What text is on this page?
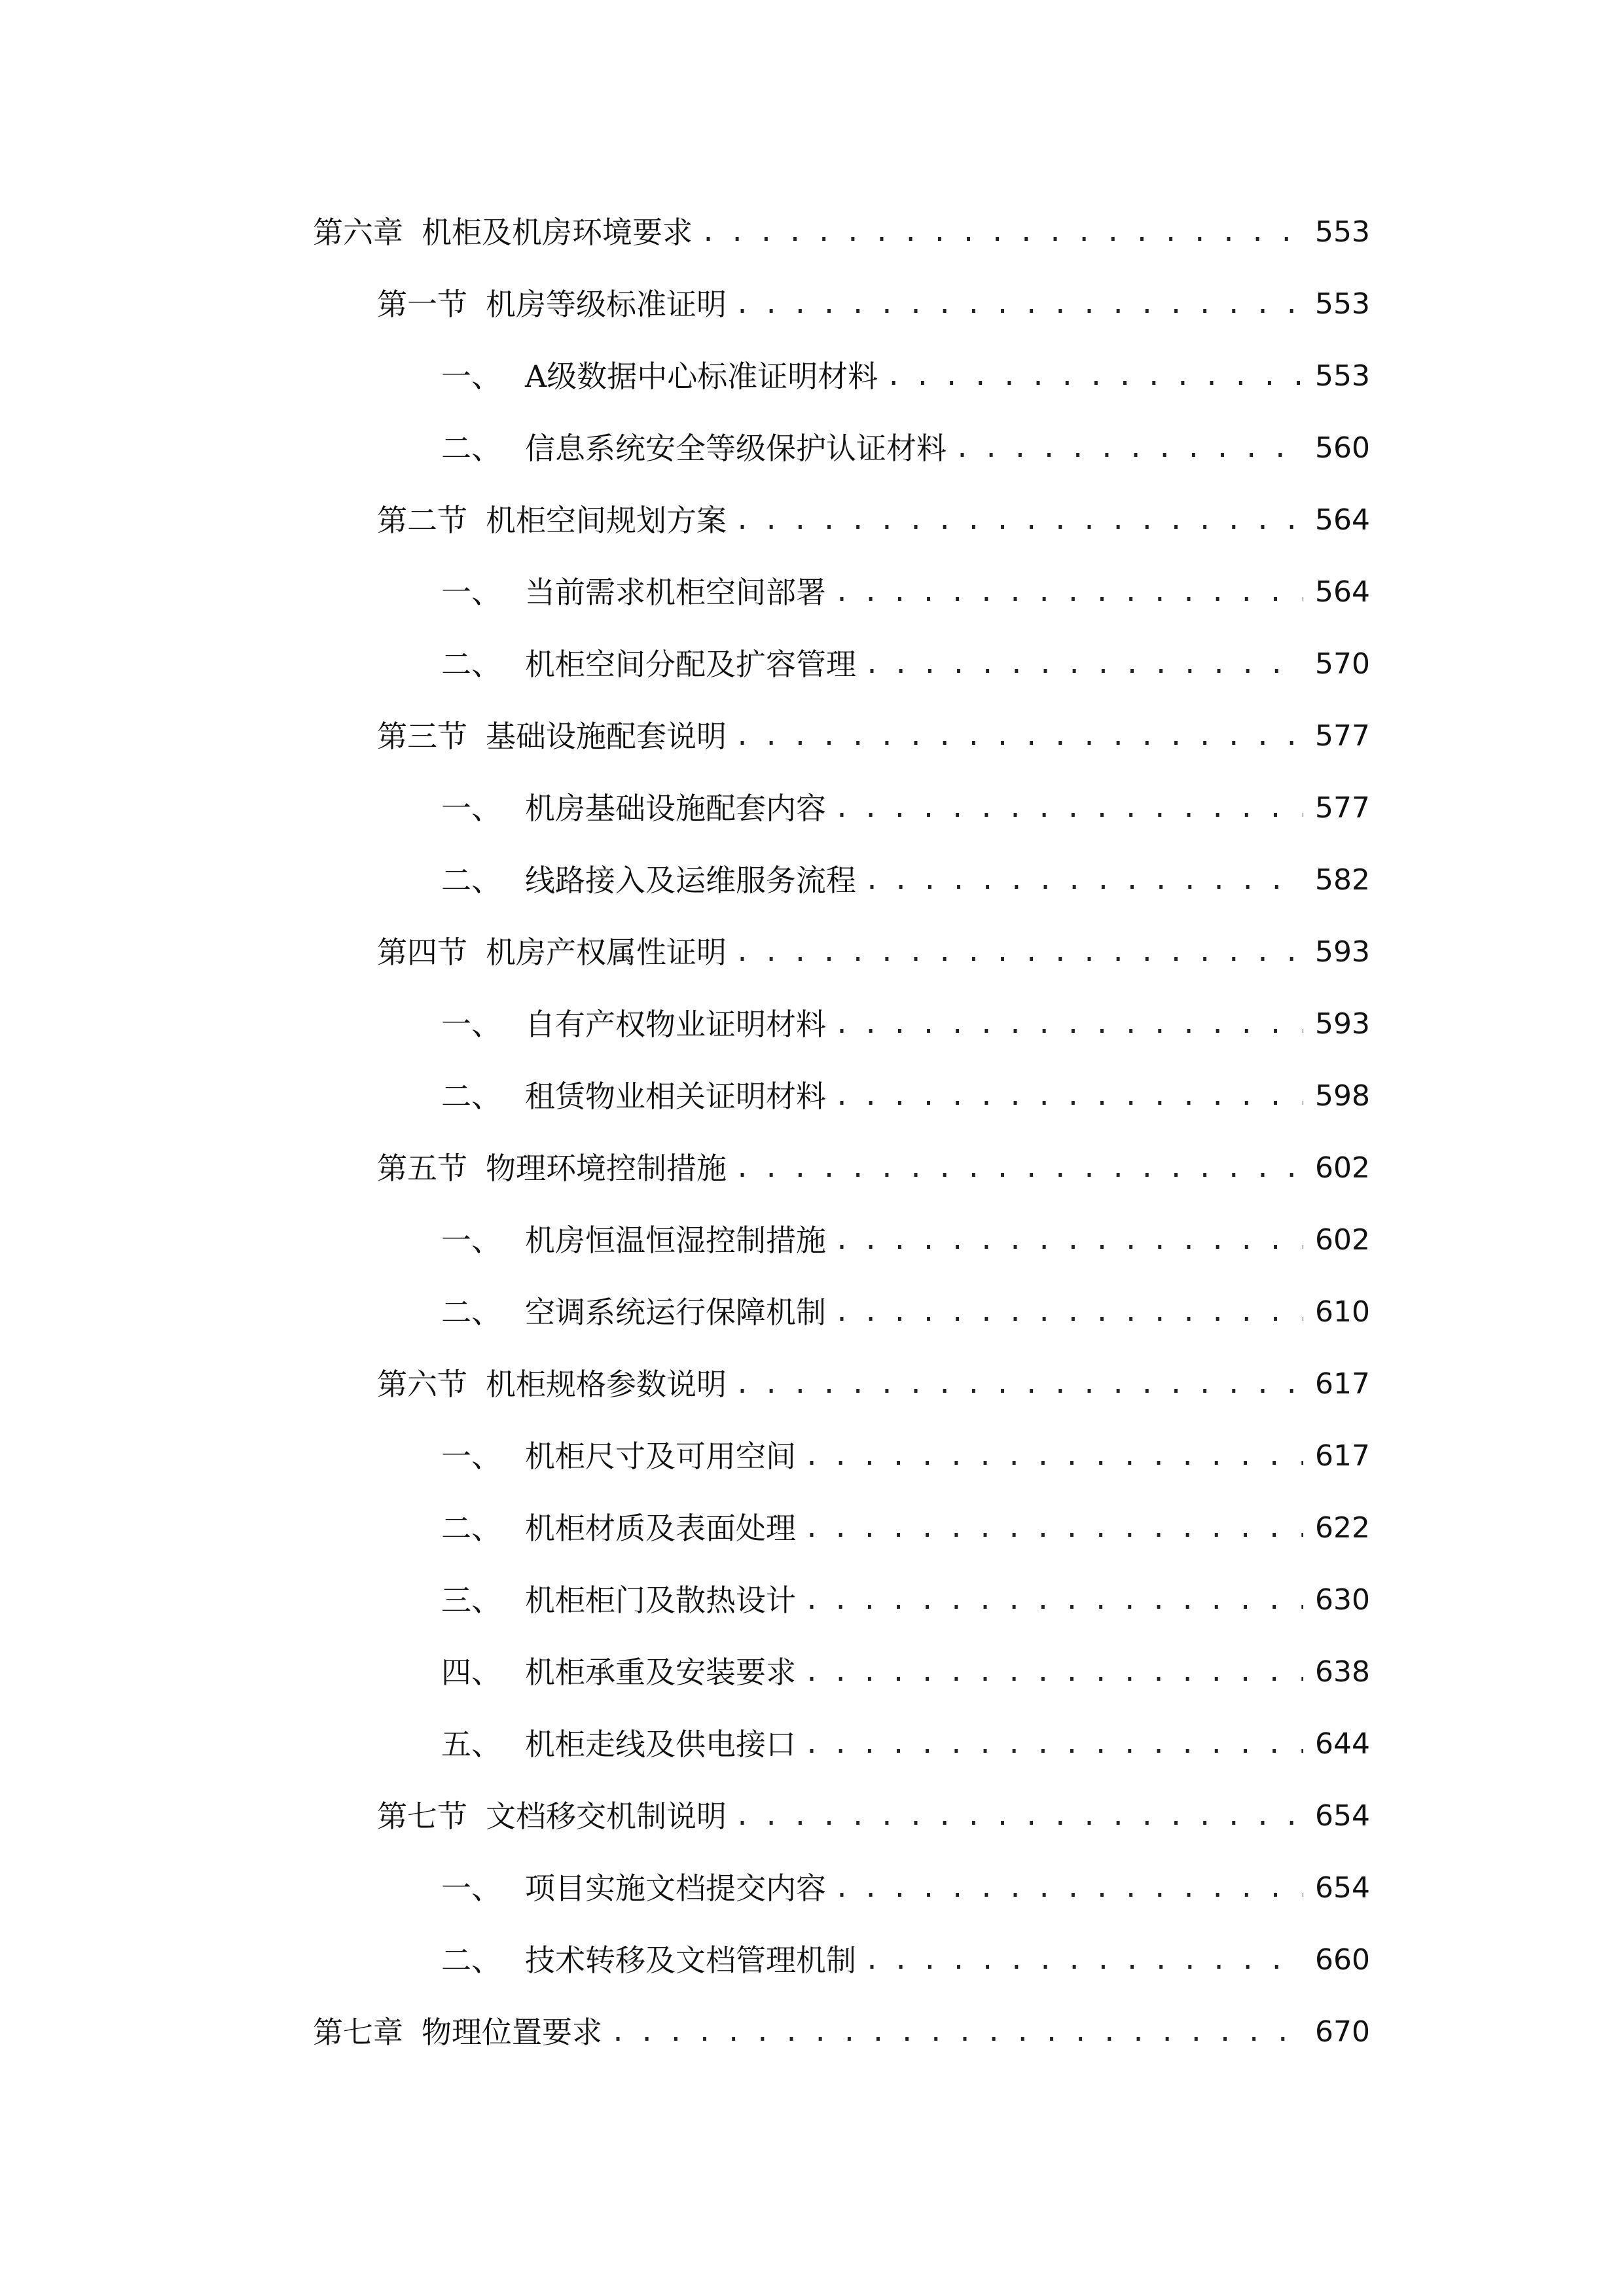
第六章 机柜及机房环境要求 . . .	553
第一节 机房等级标准证明 . . .	553
一、 A级数据中心标准证明材料 . . .	553
二、 信息系统安全等级保护认证材料 . . .	560
第二节 机柜空间规划方案 . . .	564
一、 当前需求机柜空间部署 . . .	564
二、 机柜空间分配及扩容管理 . . .	570
第三节 基础设施配套说明 . . .	577
一、 机房基础设施配套内容 . . .	577
二、 线路接入及运维服务流程 . . .	582
第四节 机房产权属性证明 . . .	593
一、 自有产权物业证明材料 . . .	593
二、 租赁物业相关证明材料 . . .	598
第五节 物理环境控制措施 . . .	602
一、 机房恒温恒湿控制措施 . . .	602
二、 空调系统运行保障机制 . . .	610
第六节 机柜规格参数说明 . . .	617
一、 机柜尺寸及可用空间 . . .	617
二、 机柜材质及表面处理 . . .	622
三、 机柜柜门及散热设计 . . .	630
四、 机柜承重及安装要求 . . .	638
五、 机柜走线及供电接口 . . .	644
第七节 文档移交机制说明 . . .	654
一、 项目实施文档提交内容 . . .	654
二、 技术转移及文档管理机制 . . .	660
第七章 物理位置要求 . . .	670
